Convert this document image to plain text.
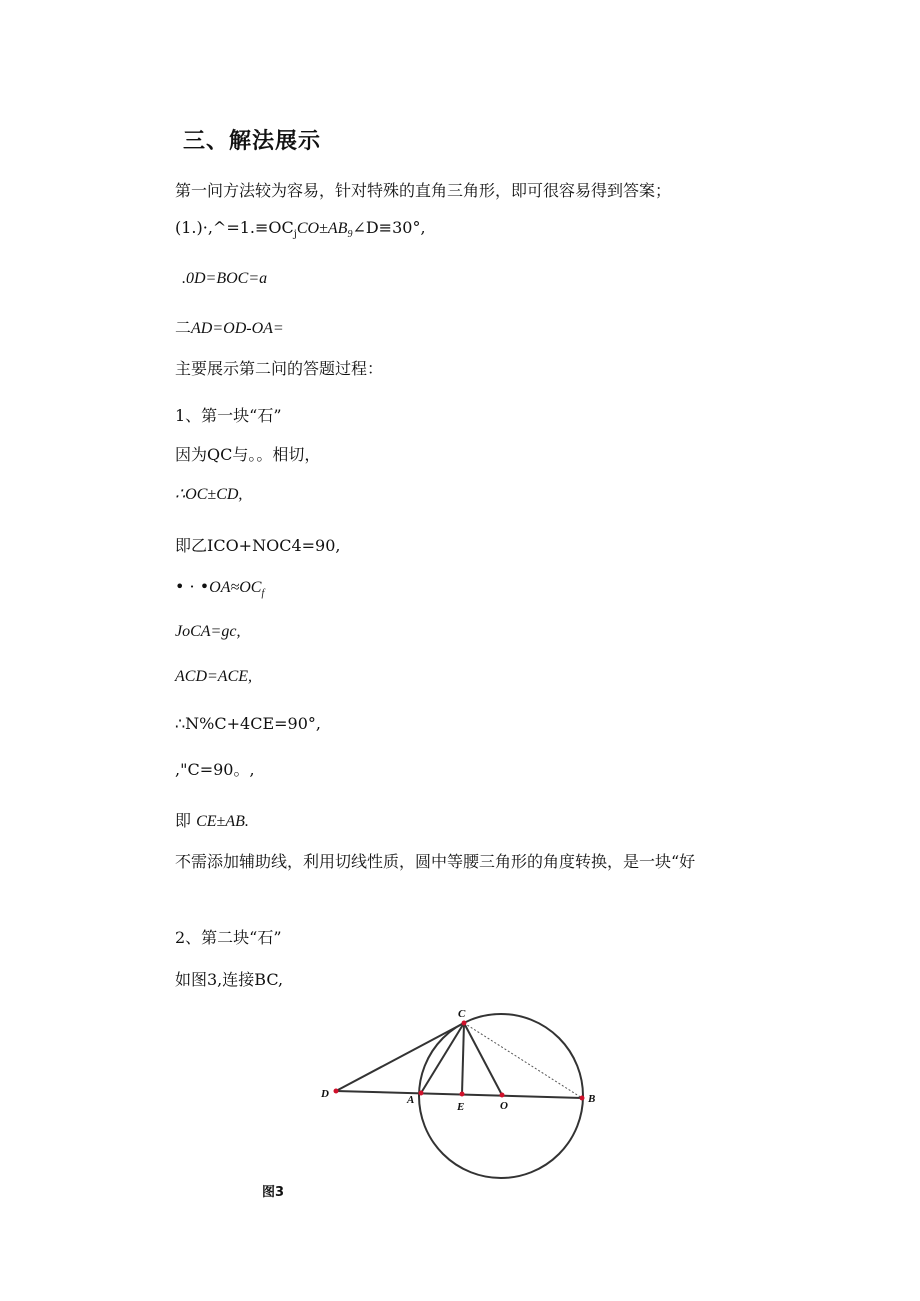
三、解法展示
第一问方法较为容易，针对特殊的直角三角形，即可很容易得到答案；
$(1.)\cdot,\^{}=1.\equiv OC_jCO\pm AB_9\angle D\equiv 30^\circ$,
.0D=BOC=a
二AD=OD-OA=
主要展示第二问的答题过程：
1、第一块“石”
因为QC与。。相切，
∴OC±CD,
即乙ICO+NOC4=90,
• · $•OA\approx OC_f$
JoCA=gc,
ACD=ACE,
∴N%C+4CE=90°,
,"C=90。,
即 CE±AB.
不需添加辅助线，利用切线性质，圆中等腰三角形的角度转换，是一块“好
2、第二块“石”
如图3,连接BC,
C
D	A
E	O
B
图3
